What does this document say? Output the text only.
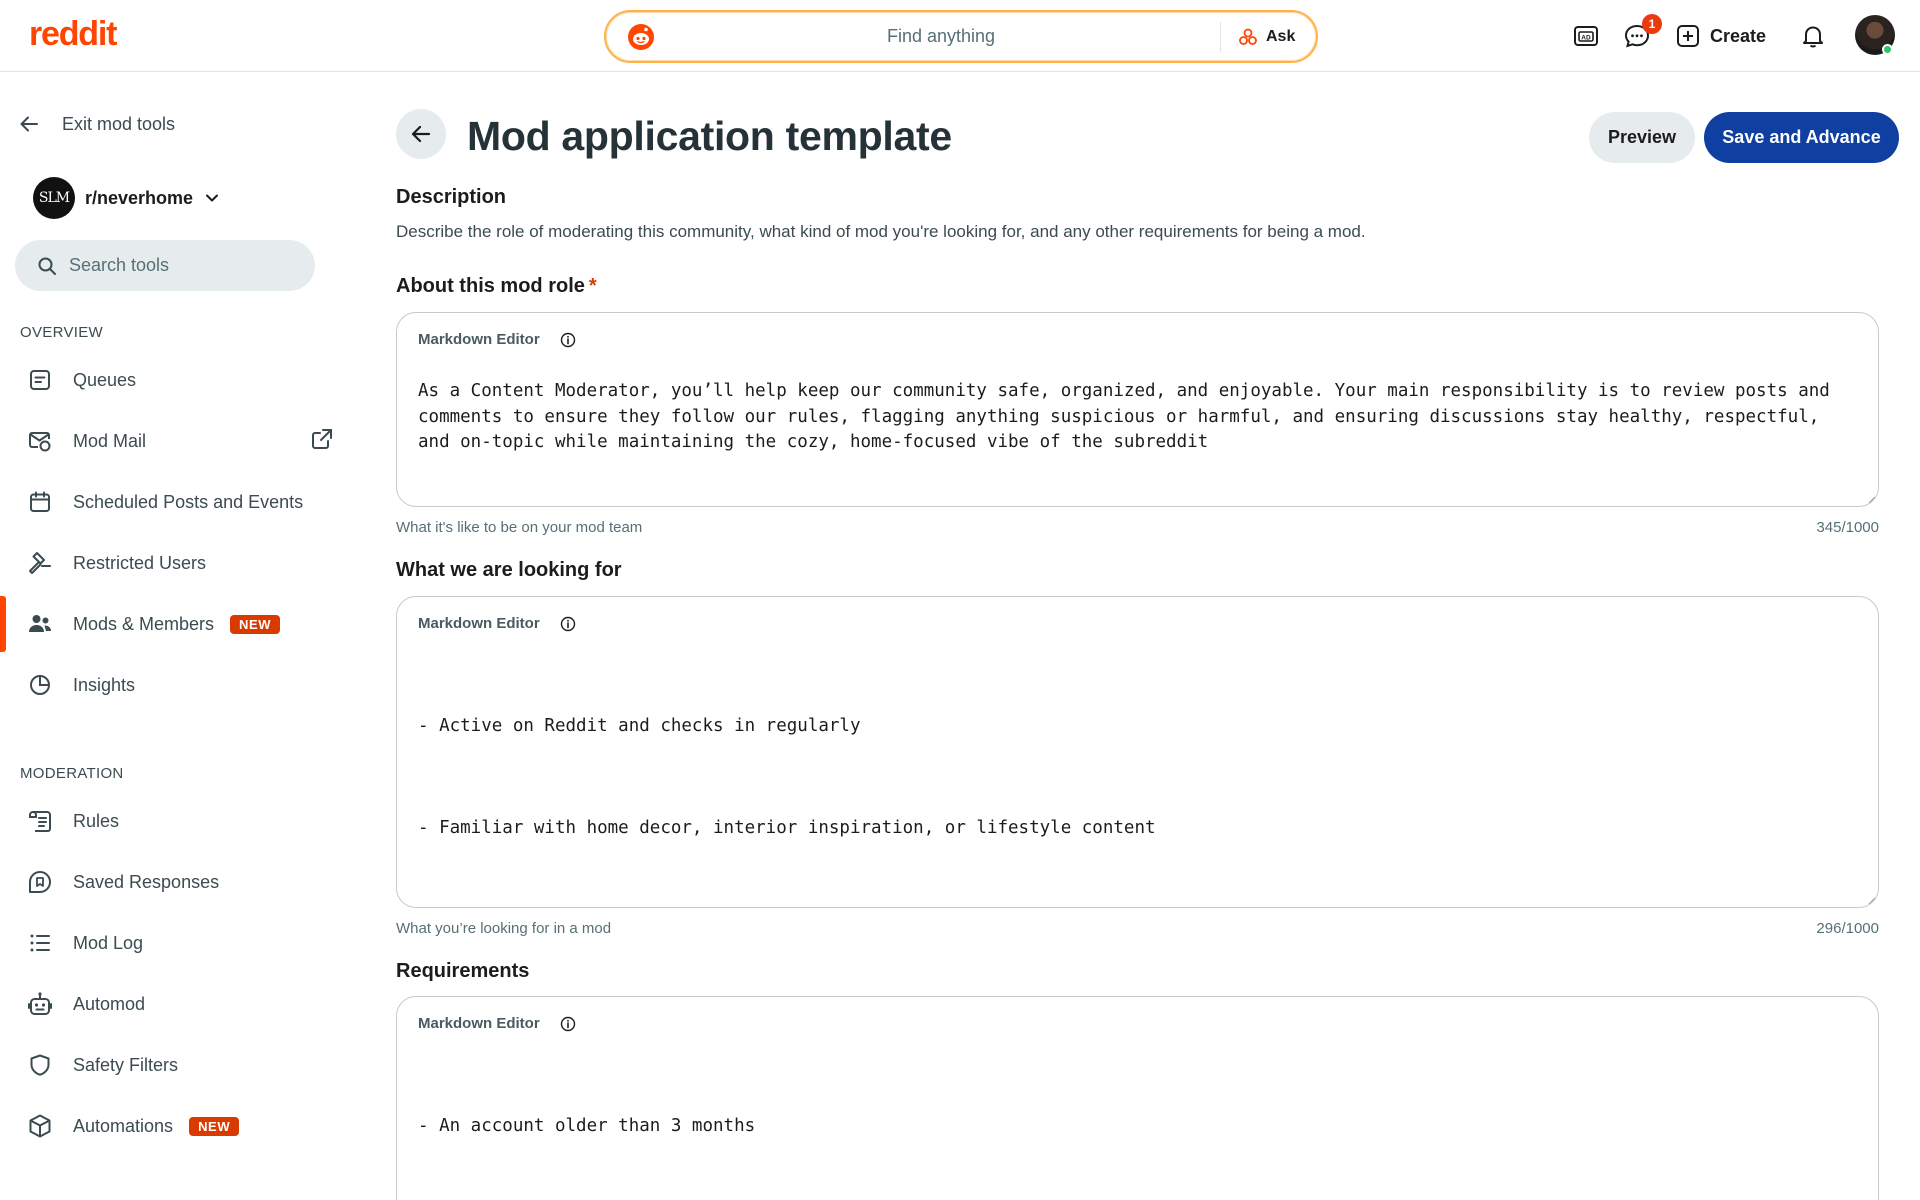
reddit	Find anything	Ask	AD
1
Create
Exit mod tools
SLM r/neverhome
Search tools
OVERVIEW
Queues
Mod Mail
Scheduled Posts and Events
Restricted Users
Mods & Members	NEW
Insights
MODERATION
Rules
Saved Responses
Mod Log
Automod
Safety Filters
Automations	NEW
Mod application template	Preview	Save and Advance
Description
Describe the role of moderating this community, what kind of mod you're looking for, and any other requirements for being a mod.
About this mod role *
Markdown Editor
As a Content Moderator, you’ll help keep our community safe, organized, and enjoyable. Your main responsibility is to review posts and comments to ensure they follow our rules, flagging anything suspicious or harmful, and ensuring discussions stay healthy, respectful, and on-topic while maintaining the cozy, home-focused vibe of the subreddit
What it's like to be on your mod team	345/1000
What we are looking for
Markdown Editor

- Active on Reddit and checks in regularly

- Familiar with home decor, interior inspiration, or lifestyle content

What you’re looking for in a mod	296/1000
Requirements
Markdown Editor

- An account older than 3 months
